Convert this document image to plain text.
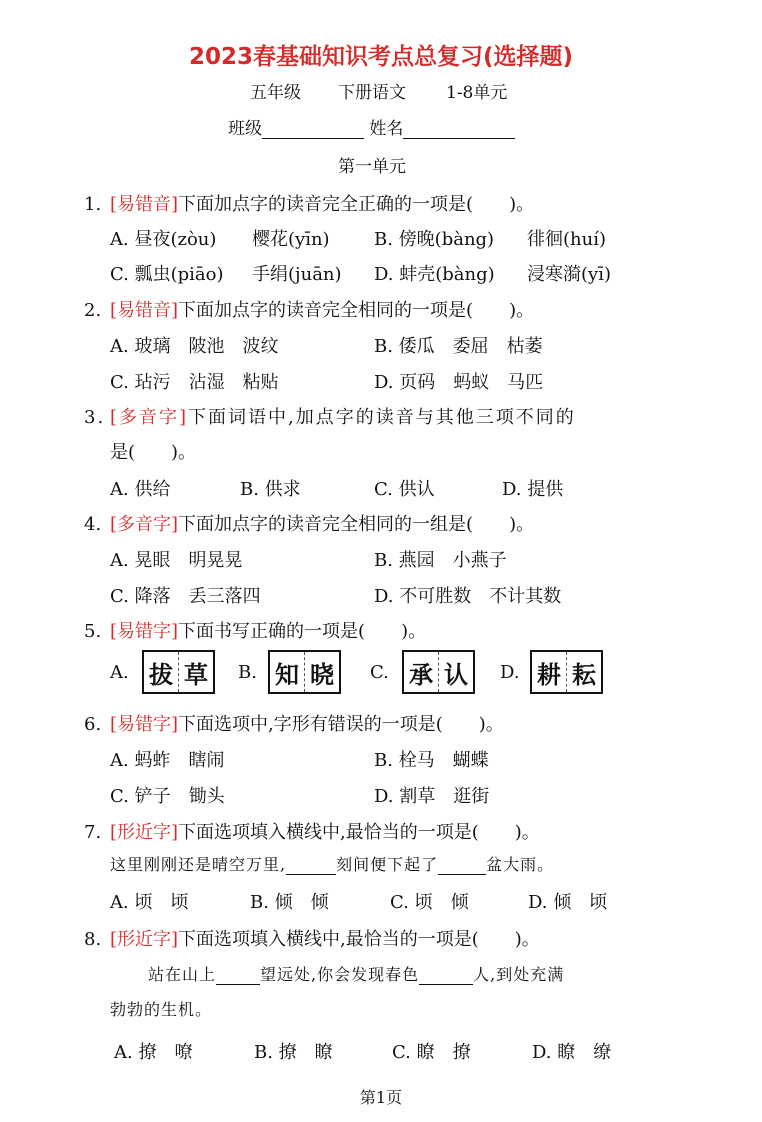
2023春基础知识考点总复习(选择题)
五年级 下册语文 1-8单元
班级	姓名
第一单元
1. [易错音]下面加点字的读音完全正确的一项是(　　)。
A. 昼夜(zòu) 樱花(yīn) B. 傍晚(bàng) 徘徊(huí)
C. 瓢虫(piāo) 手绢(juān) D. 蚌壳(bàng) 浸寒漪(yī)
2. [易错音]下面加点字的读音完全相同的一项是(　　)。
A. 玻璃　陂池　波纹	B. 倭瓜　委屈　枯萎
C. 玷污　沾湿　粘贴	D. 页码　蚂蚁　马匹
3. [多音字]下面词语中,加点字的读音与其他三项不同的
是(　　)。
A. 供给	B. 供求	C. 供认	D. 提供
4. [多音字]下面加点字的读音完全相同的一组是(　　)。
A. 晃眼　明晃晃	B. 燕园　小燕子
C. 降落　丢三落四	D. 不可胜数　不计其数
5. [易错字]下面书写正确的一项是(　　)。
A. 拔 草 B. 知 晓 C. 承 认 D. 耕 耘
6. [易错字]下面选项中,字形有错误的一项是(　　)。
A. 蚂蚱　瞎闹	B. 栓马　蝴蝶
C. 铲子　锄头	D. 割草　逛街
7. [形近字]下面选项填入横线中,最恰当的一项是(　　)。
这里刚刚还是晴空万里,	刻间便下起了	盆大雨。
A. 顷　顷	B. 倾　倾	C. 顷　倾	D. 倾　顷
8. [形近字]下面选项填入横线中,最恰当的一项是(　　)。
站在山上	望远处,你会发现春色	人,到处充满
勃勃的生机。
A. 撩　嘹	B. 撩　瞭	C. 瞭　撩	D. 瞭　缭
第1页
